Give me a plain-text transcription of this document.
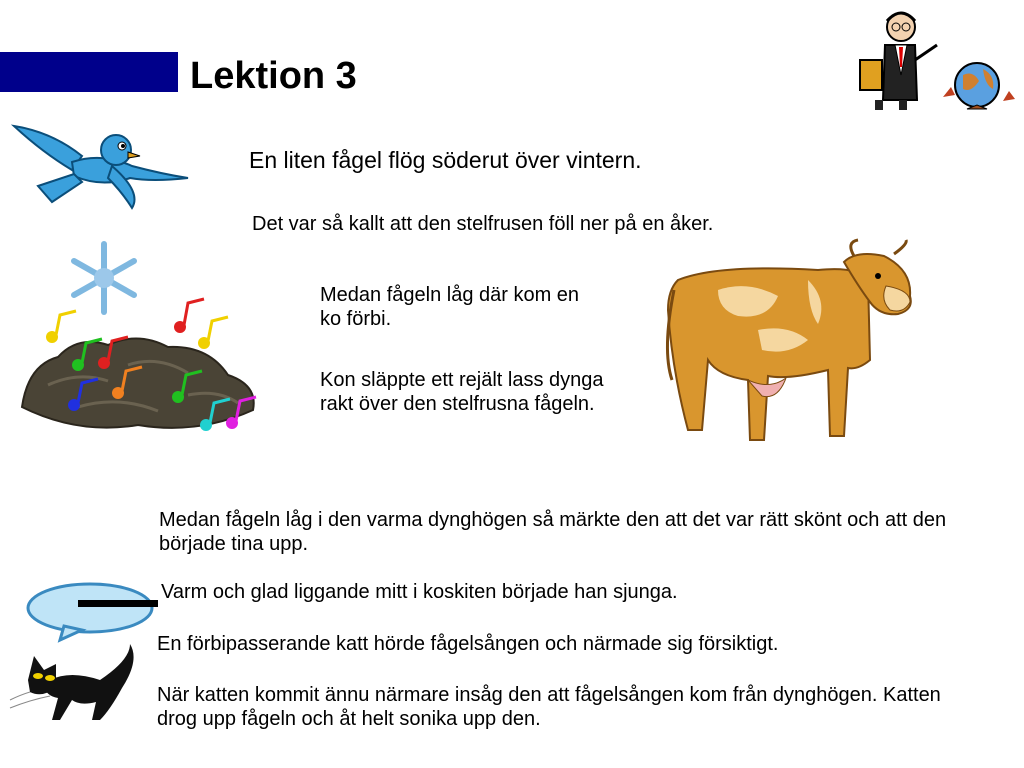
Lektion 3
En liten fågel flög söderut över vintern.
Det var så kallt att den stelfrusen föll ner på en åker.
Medan fågeln låg där kom en ko förbi.
Kon släppte ett rejält lass dynga rakt över den stelfrusna fågeln.
Medan fågeln låg i den varma dynghögen så märkte den att det var rätt skönt och att den började tina upp.
Varm och glad liggande mitt i koskiten började han sjunga.
En förbipasserande katt hörde fågelsången och närmade sig försiktigt.
När katten kommit ännu närmare insåg den att fågelsången kom från dynghögen. Katten drog upp fågeln och åt helt sonika upp den.
